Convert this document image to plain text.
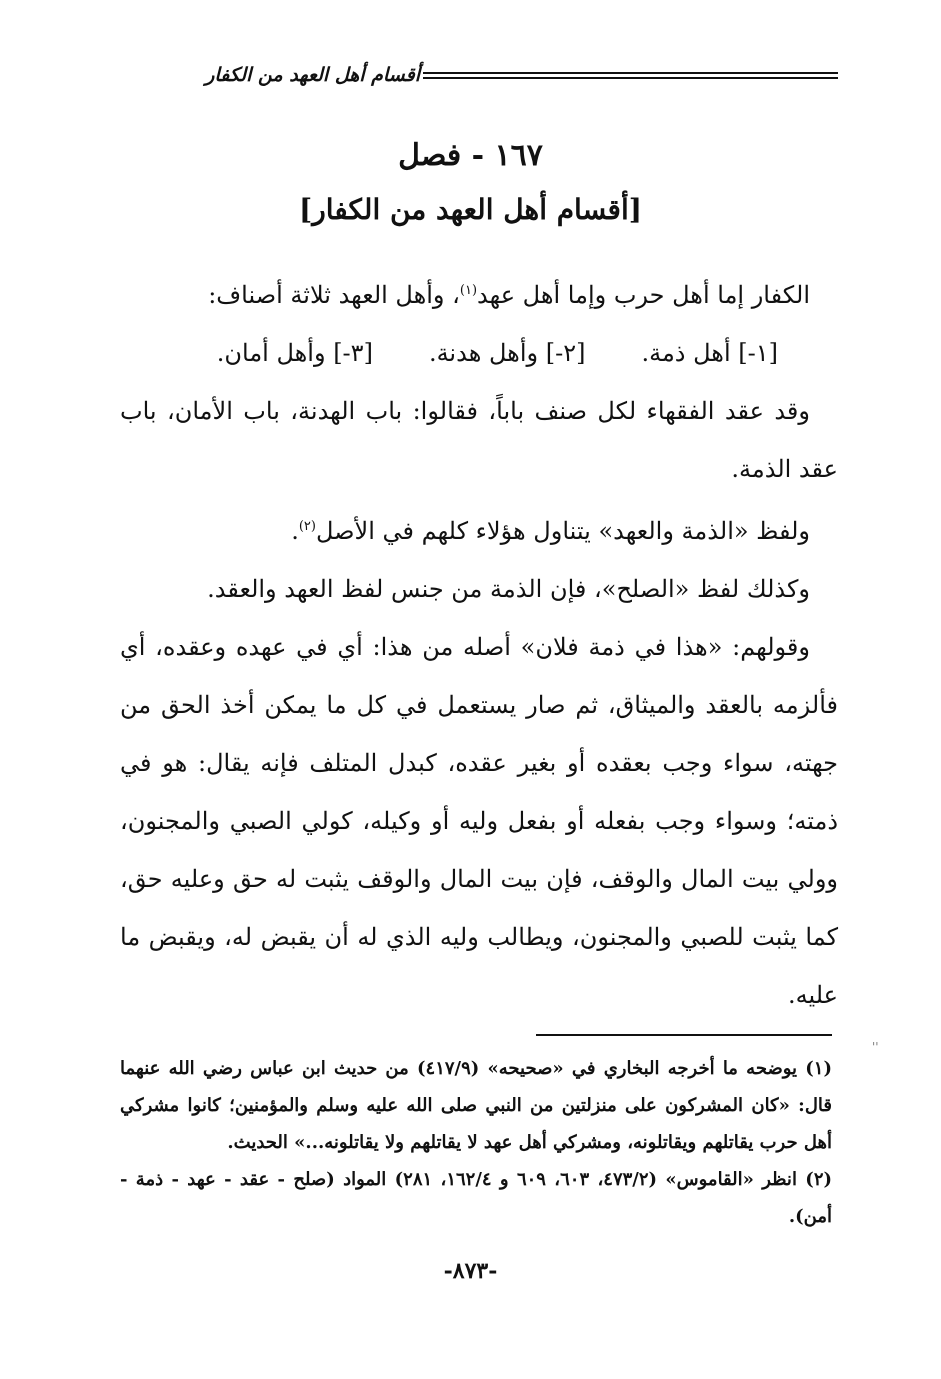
أقسام أهل العهد من الكفار
١٦٧ - فصل
[أقسام أهل العهد من الكفار]

الكفار إما أهل حرب وإما أهل عهد$^{(١)}$، وأهل العهد ثلاثة أصناف:

[١-] أهل ذمة.
[٢-] وأهل هدنة.
[٣-] وأهل أمان.

وقد عقد الفقهاء لكل صنف باباً، فقالوا: باب الهدنة، باب الأمان، باب عقد الذمة.

ولفظ «الذمة والعهد» يتناول هؤلاء كلهم في الأصل$^{(٢)}$.

وكذلك لفظ «الصلح»، فإن الذمة من جنس لفظ العهد والعقد.

وقولهم: «هذا في ذمة فلان» أصله من هذا: أي في عهده وعقده، أي فألزمه بالعقد والميثاق، ثم صار يستعمل في كل ما يمكن أخذ الحق من جهته، سواء وجب بعقده أو بغير عقده، كبدل المتلف فإنه يقال: هو في ذمته؛ وسواء وجب بفعله أو بفعل وليه أو وكيله، كولي الصبي والمجنون، وولي بيت المال والوقف، فإن بيت المال والوقف يثبت له حق وعليه حق، كما يثبت للصبي والمجنون، ويطالب وليه الذي له أن يقبض له، ويقبض ما عليه.

''

(١) يوضحه ما أخرجه البخاري في «صحيحه» (٤١٧/٩) من حديث ابن عباس رضي الله عنهما قال: «كان المشركون على منزلتين من النبي صلى الله عليه وسلم والمؤمنين؛ كانوا مشركي أهل حرب يقاتلهم ويقاتلونه، ومشركي أهل عهد لا يقاتلهم ولا يقاتلونه...» الحديث.

(٢) انظر «القاموس» (٤٧٣/٢، ٦٠٣، ٦٠٩ و ١٦٢/٤، ٢٨١) المواد (صلح - عقد - عهد - ذمة - أمن).

-٨٧٣-
